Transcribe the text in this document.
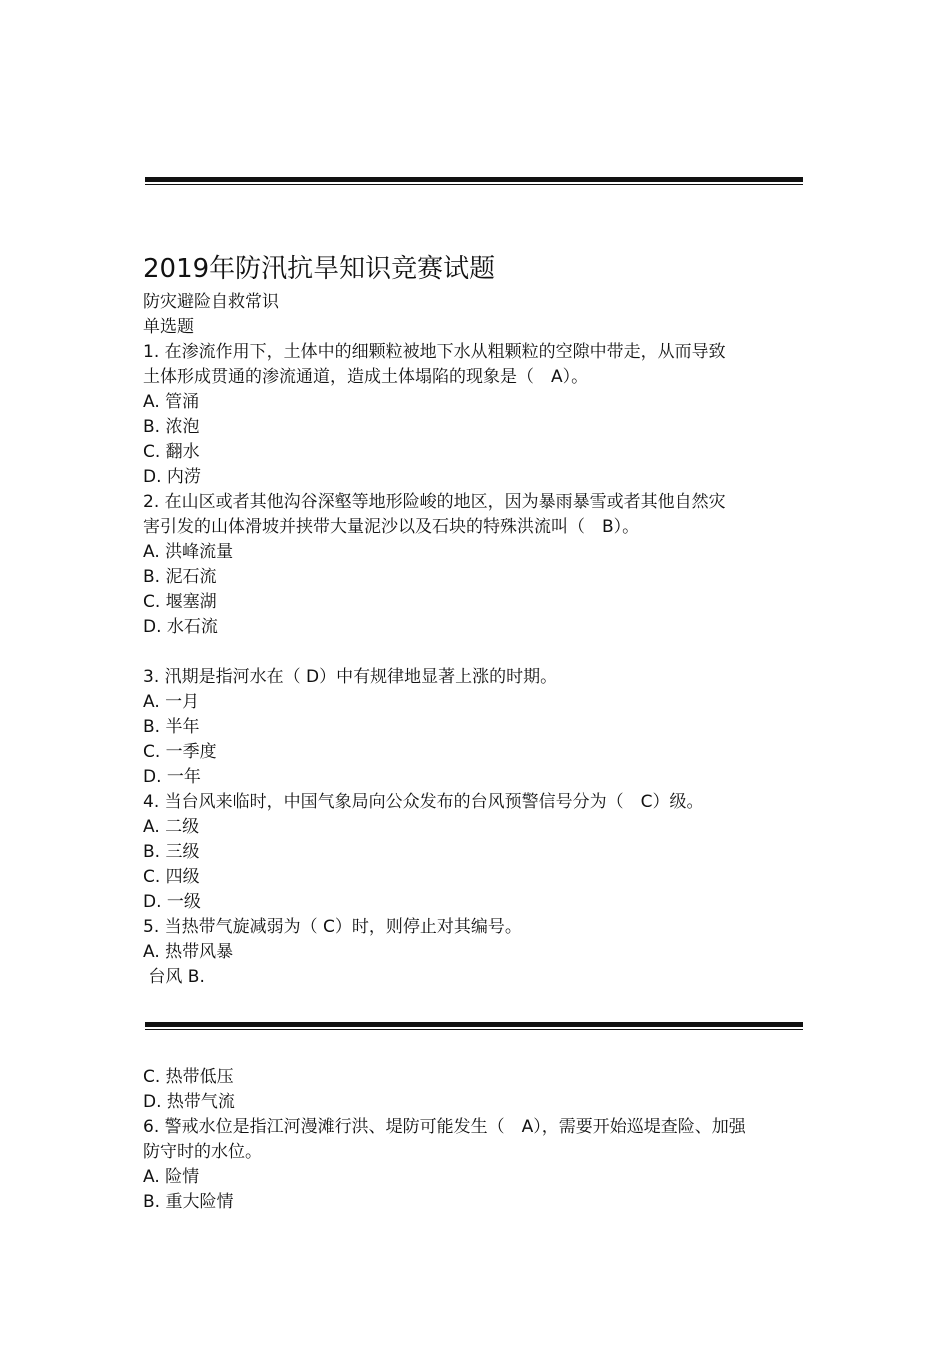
2019年防汛抗旱知识竞赛试题
防灾避险自救常识
单选题
1. 在渗流作用下，土体中的细颗粒被地下水从粗颗粒的空隙中带走，从而导致
土体形成贯通的渗流通道，造成土体塌陷的现象是（　A）。
A. 管涌
B. 浓泡
C. 翻水
D. 内涝
2. 在山区或者其他沟谷深壑等地形险峻的地区，因为暴雨暴雪或者其他自然灾
害引发的山体滑坡并挟带大量泥沙以及石块的特殊洪流叫（　B）。
A. 洪峰流量
B. 泥石流
C. 堰塞湖
D. 水石流
3. 汛期是指河水在（ D）中有规律地显著上涨的时期。
A. 一月
B. 半年
C. 一季度
D. 一年
4. 当台风来临时，中国气象局向公众发布的台风预警信号分为（　C）级。
A. 二级
B. 三级
C. 四级
D. 一级
5. 当热带气旋减弱为（ C）时，则停止对其编号。
A. 热带风暴
台风 B.
C. 热带低压
D. 热带气流
6. 警戒水位是指江河漫滩行洪、堤防可能发生（　A），需要开始巡堤查险、加强
防守时的水位。
A. 险情
B. 重大险情
